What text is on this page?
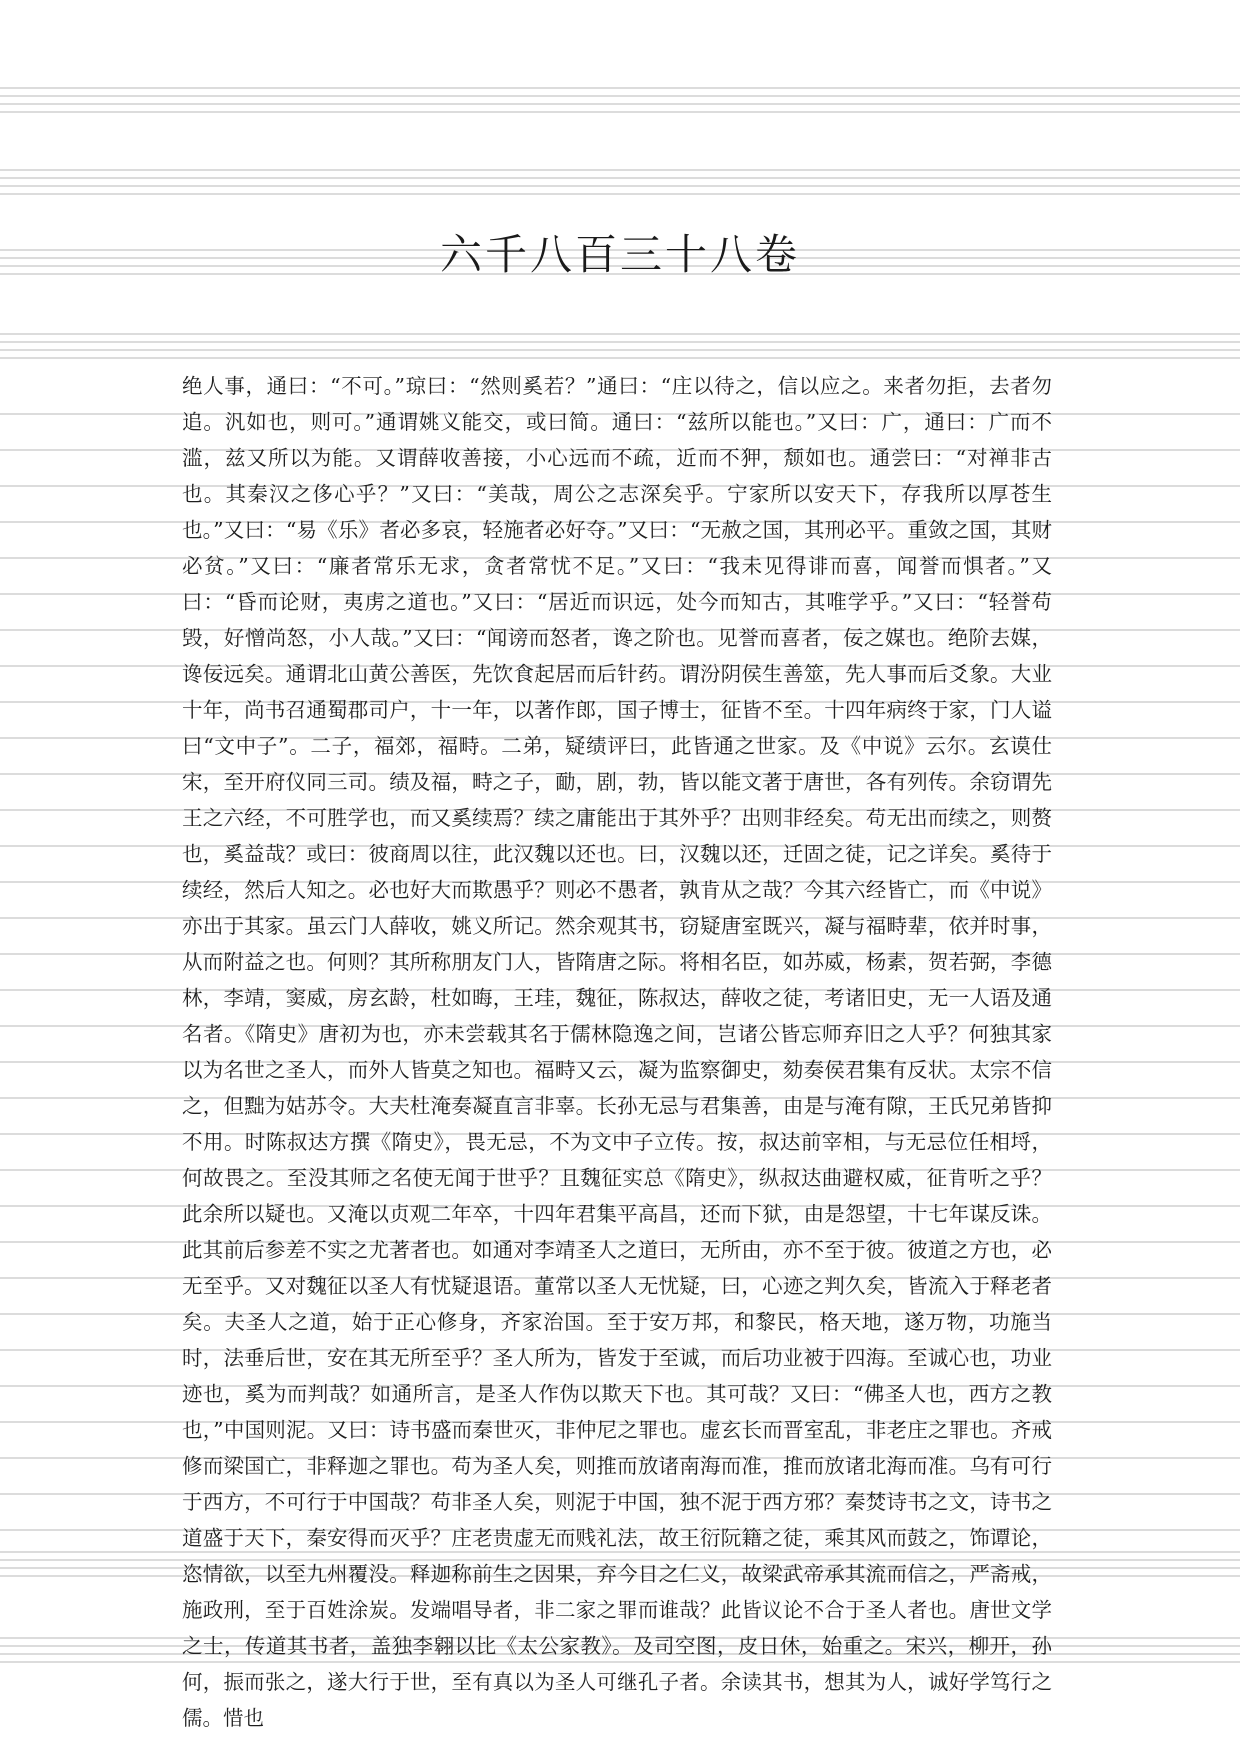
六千八百三十八卷

绝人事，通曰：“不可。”琼曰：“然则奚若？”通曰：“庄以待之，信以应之。来者勿拒，去者勿追。汎如也，则可。”通谓姚义能交，或曰简。通曰：“兹所以能也。”又曰：广，通曰：广而不滥，兹又所以为能。又谓薛收善接，小心远而不疏，近而不狎，颓如也。通尝曰：“对禅非古也。其秦汉之侈心乎？”又曰：“美哉，周公之志深矣乎。宁家所以安天下，存我所以厚苍生也。”又曰：“易《乐》者必多哀，轻施者必好夺。”又曰：“无赦之国，其刑必平。重敛之国，其财必贫。”又曰：“廉者常乐无求，贪者常忧不足。”又曰：“我未见得诽而喜，闻誉而惧者。”又曰：“昏而论财，夷虏之道也。”又曰：“居近而识远，处今而知古，其唯学乎。”又曰：“轻誉苟毁，好憎尚怒，小人哉。”又曰：“闻谤而怒者，谗之阶也。见誉而喜者，佞之媒也。绝阶去媒，谗佞远矣。通谓北山黄公善医，先饮食起居而后针药。谓汾阴侯生善筮，先人事而后爻象。大业十年，尚书召通蜀郡司户，十一年，以著作郎，国子博士，征皆不至。十四年病终于家，门人谥曰“文中子”。二子，福郊，福畤。二弟，疑绩评曰，此皆通之世家。及《中说》云尔。玄谟仕宋，至开府仪同三司。绩及福，畤之子，勔，剧，勃，皆以能文著于唐世，各有列传。余窃谓先王之六经，不可胜学也，而又奚续焉？续之庸能出于其外乎？出则非经矣。苟无出而续之，则赘也，奚益哉？或曰：彼商周以往，此汉魏以还也。曰，汉魏以还，迁固之徒，记之详矣。奚待于续经，然后人知之。必也好大而欺愚乎？则必不愚者，孰肯从之哉？今其六经皆亡，而《中说》亦出于其家。虽云门人薛收，姚义所记。然余观其书，窃疑唐室既兴，凝与福畤辈，依并时事，从而附益之也。何则？其所称朋友门人，皆隋唐之际。将相名臣，如苏威，杨素，贺若弼，李德林，李靖，窦威，房玄龄，杜如晦，王珪，魏征，陈叔达，薛收之徒，考诸旧史，无一人语及通名者。《隋史》唐初为也，亦未尝载其名于儒林隐逸之间，岂诸公皆忘师弃旧之人乎？何独其家以为名世之圣人，而外人皆莫之知也。福畤又云，凝为监察御史，劾奏侯君集有反状。太宗不信之，但黜为姑苏令。大夫杜淹奏凝直言非辜。长孙无忌与君集善，由是与淹有隙，王氏兄弟皆抑不用。时陈叔达方撰《隋史》，畏无忌，不为文中子立传。按，叔达前宰相，与无忌位任相埒，何故畏之。至没其师之名使无闻于世乎？且魏征实总《隋史》，纵叔达曲避权威，征肯听之乎？此余所以疑也。又淹以贞观二年卒，十四年君集平高昌，还而下狱，由是怨望，十七年谋反诛。此其前后参差不实之尤著者也。如通对李靖圣人之道曰，无所由，亦不至于彼。彼道之方也，必无至乎。又对魏征以圣人有忧疑退语。董常以圣人无忧疑，曰，心迹之判久矣，皆流入于释老者矣。夫圣人之道，始于正心修身，齐家治国。至于安万邦，和黎民，格天地，遂万物，功施当时，法垂后世，安在其无所至乎？圣人所为，皆发于至诚，而后功业被于四海。至诚心也，功业迹也，奚为而判哉？如通所言，是圣人作伪以欺天下也。其可哉？又曰：“佛圣人也，西方之教也，”中国则泥。又曰：诗书盛而秦世灭，非仲尼之罪也。虚玄长而晋室乱，非老庄之罪也。齐戒修而梁国亡，非释迦之罪也。苟为圣人矣，则推而放诸南海而准，推而放诸北海而准。乌有可行于西方，不可行于中国哉？苟非圣人矣，则泥于中国，独不泥于西方邪？秦焚诗书之文，诗书之道盛于天下，秦安得而灭乎？庄老贵虚无而贱礼法，故王衍阮籍之徒，乘其风而鼓之，饰谭论，恣情欲，以至九州覆没。释迦称前生之因果，弃今日之仁义，故梁武帝承其流而信之，严斋戒，施政刑，至于百姓涂炭。发端唱导者，非二家之罪而谁哉？此皆议论不合于圣人者也。唐世文学之士，传道其书者，盖独李翱以比《太公家教》。及司空图，皮日休，始重之。宋兴，柳开，孙何，振而张之，遂大行于世，至有真以为圣人可继孔子者。余读其书，想其为人，诚好学笃行之儒。惜也
